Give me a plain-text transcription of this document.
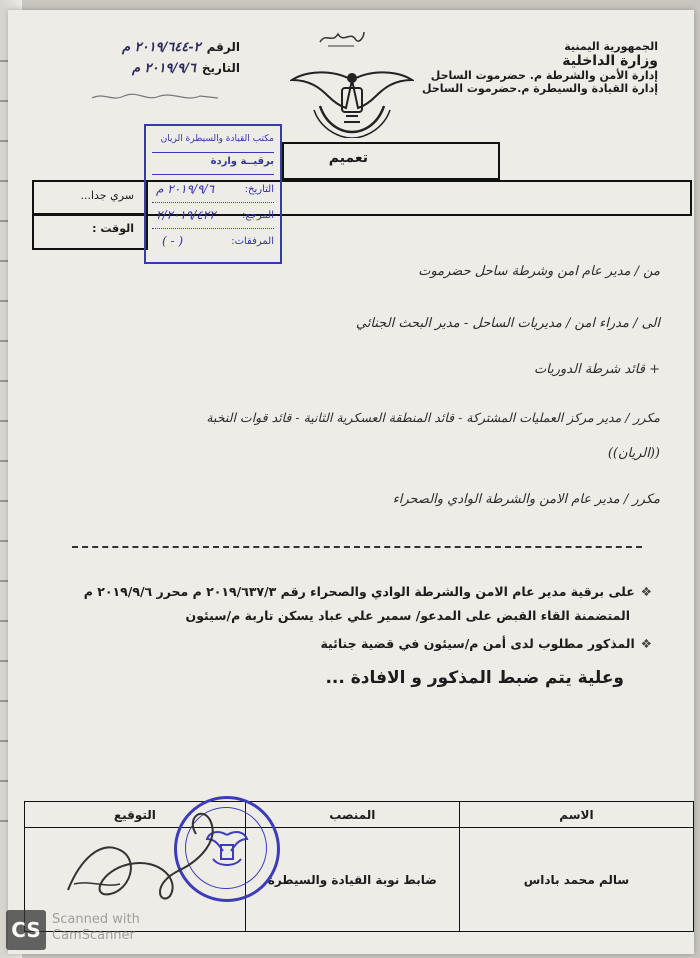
الجمهورية اليمنية
وزارة الداخلية
إدارة الأمن والشرطة م. حضرموت الساحل
إدارة القيادة والسيطرة م.حضرموت الساحل
الرقم
٢-٢٠١٩/٦٤٤ م
التاريخ
٢٠١٩/٩/٦ م
تعميم
سري جدا...
الوقت :
مكتب القيادة والسيطرة الريان
برقيــة واردة
التاريخ:
٢٠١٩/٩/٦ م
المرجع:
٢/٢٠١٩/٤٢٢
المرفقات:
( - )
من / مدير عام امن وشرطة ساحل حضرموت
الى / مدراء امن / مديريات الساحل - مدير البحث الجنائي
+ قائد شرطة الدوريات
مكرر / مدير مركز العمليات المشتركة - قائد المنطقة العسكرية الثانية - قائد قوات النخبة
((الريان))
مكرر / مدير عام الامن والشرطة الوادي والصحراء
❖على برقية مدير عام الامن والشرطة الوادي والصحراء رقم ٢٠١٩/٦٣٧/٣ م محرر ٢٠١٩/٩/٦ م
المتضمنة القاء القبض على المدعو/ سمير علي عباد يسكن تاربة م/سيئون
❖المذكور مطلوب لدى أمن م/سيئون في قضية جنائية
وعلية يتم ضبط المذكور و الافادة ...
الاسم	المنصب	التوقيع
سالم محمد باداس	ضابط نوبة القيادة والسيطرة	
CS Scanned with
CamScanner
